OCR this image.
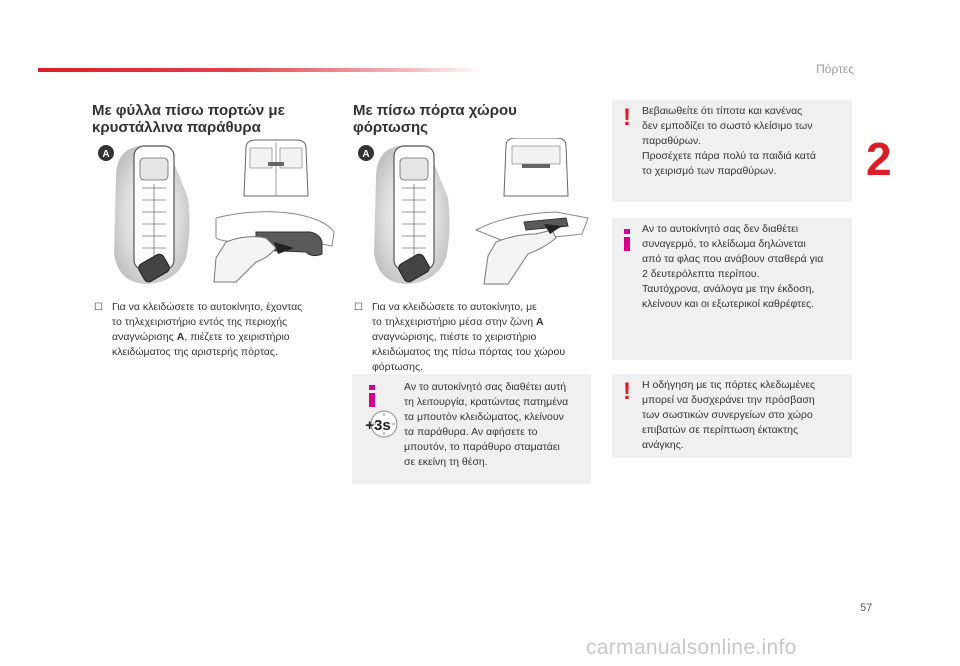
Πόρτες
2
Με φύλλα πίσω πορτών με
κρυστάλλινα παράθυρα
A
☐ Για να κλειδώσετε το αυτοκίνητο, έχοντας
το τηλεχειριστήριο εντός της περιοχής
αναγνώρισης A, πιέζετε το χειριστήριο
κλειδώματος της αριστερής πόρτας.
Με πίσω πόρτα χώρου
φόρτωσης
A
☐ Για να κλειδώσετε το αυτοκίνητο, με
το τηλεχειριστήριο μέσα στην ζώνη A
αναγνώρισης, πιέστε το χειριστήριο
κλειδώματος της πίσω πόρτας του χώρου
φόρτωσης.
+3s

Αν το αυτοκίνητό σας διαθέτει αυτή

τη λειτουργία, κρατώντας πατημένα

τα μπουτόν κλειδώματος, κλείνουν

τα παράθυρα. Αν αφήσετε το

μπουτόν, το παράθυρο σταματάει

σε εκείνη τη θέση.

! Βεβαιωθείτε ότι τίποτα και κανένας

δεν εμποδίζει το σωστό κλείσιμο των

παραθύρων.

Προσέχετε πάρα πολύ τα παιδιά κατά

το χειρισμό των παραθύρων.

Αν το αυτοκίνητό σας δεν διαθέτει

συναγερμό, το κλείδωμα δηλώνεται

από τα φλας που ανάβουν σταθερά για

2 δευτερόλεπτα περίπου.

Ταυτόχρονα, ανάλογα με την έκδοση,

κλείνουν και οι εξωτερικοί καθρέφτες.

! Η οδήγηση με τις πόρτες κλεδωμένες

μπορεί να δυσχεράνει την πρόσβαση

των σωστικών συνεργείων στο χώρο

επιβατών σε περίπτωση έκτακτης

ανάγκης.

57
carmanualsonline.info
